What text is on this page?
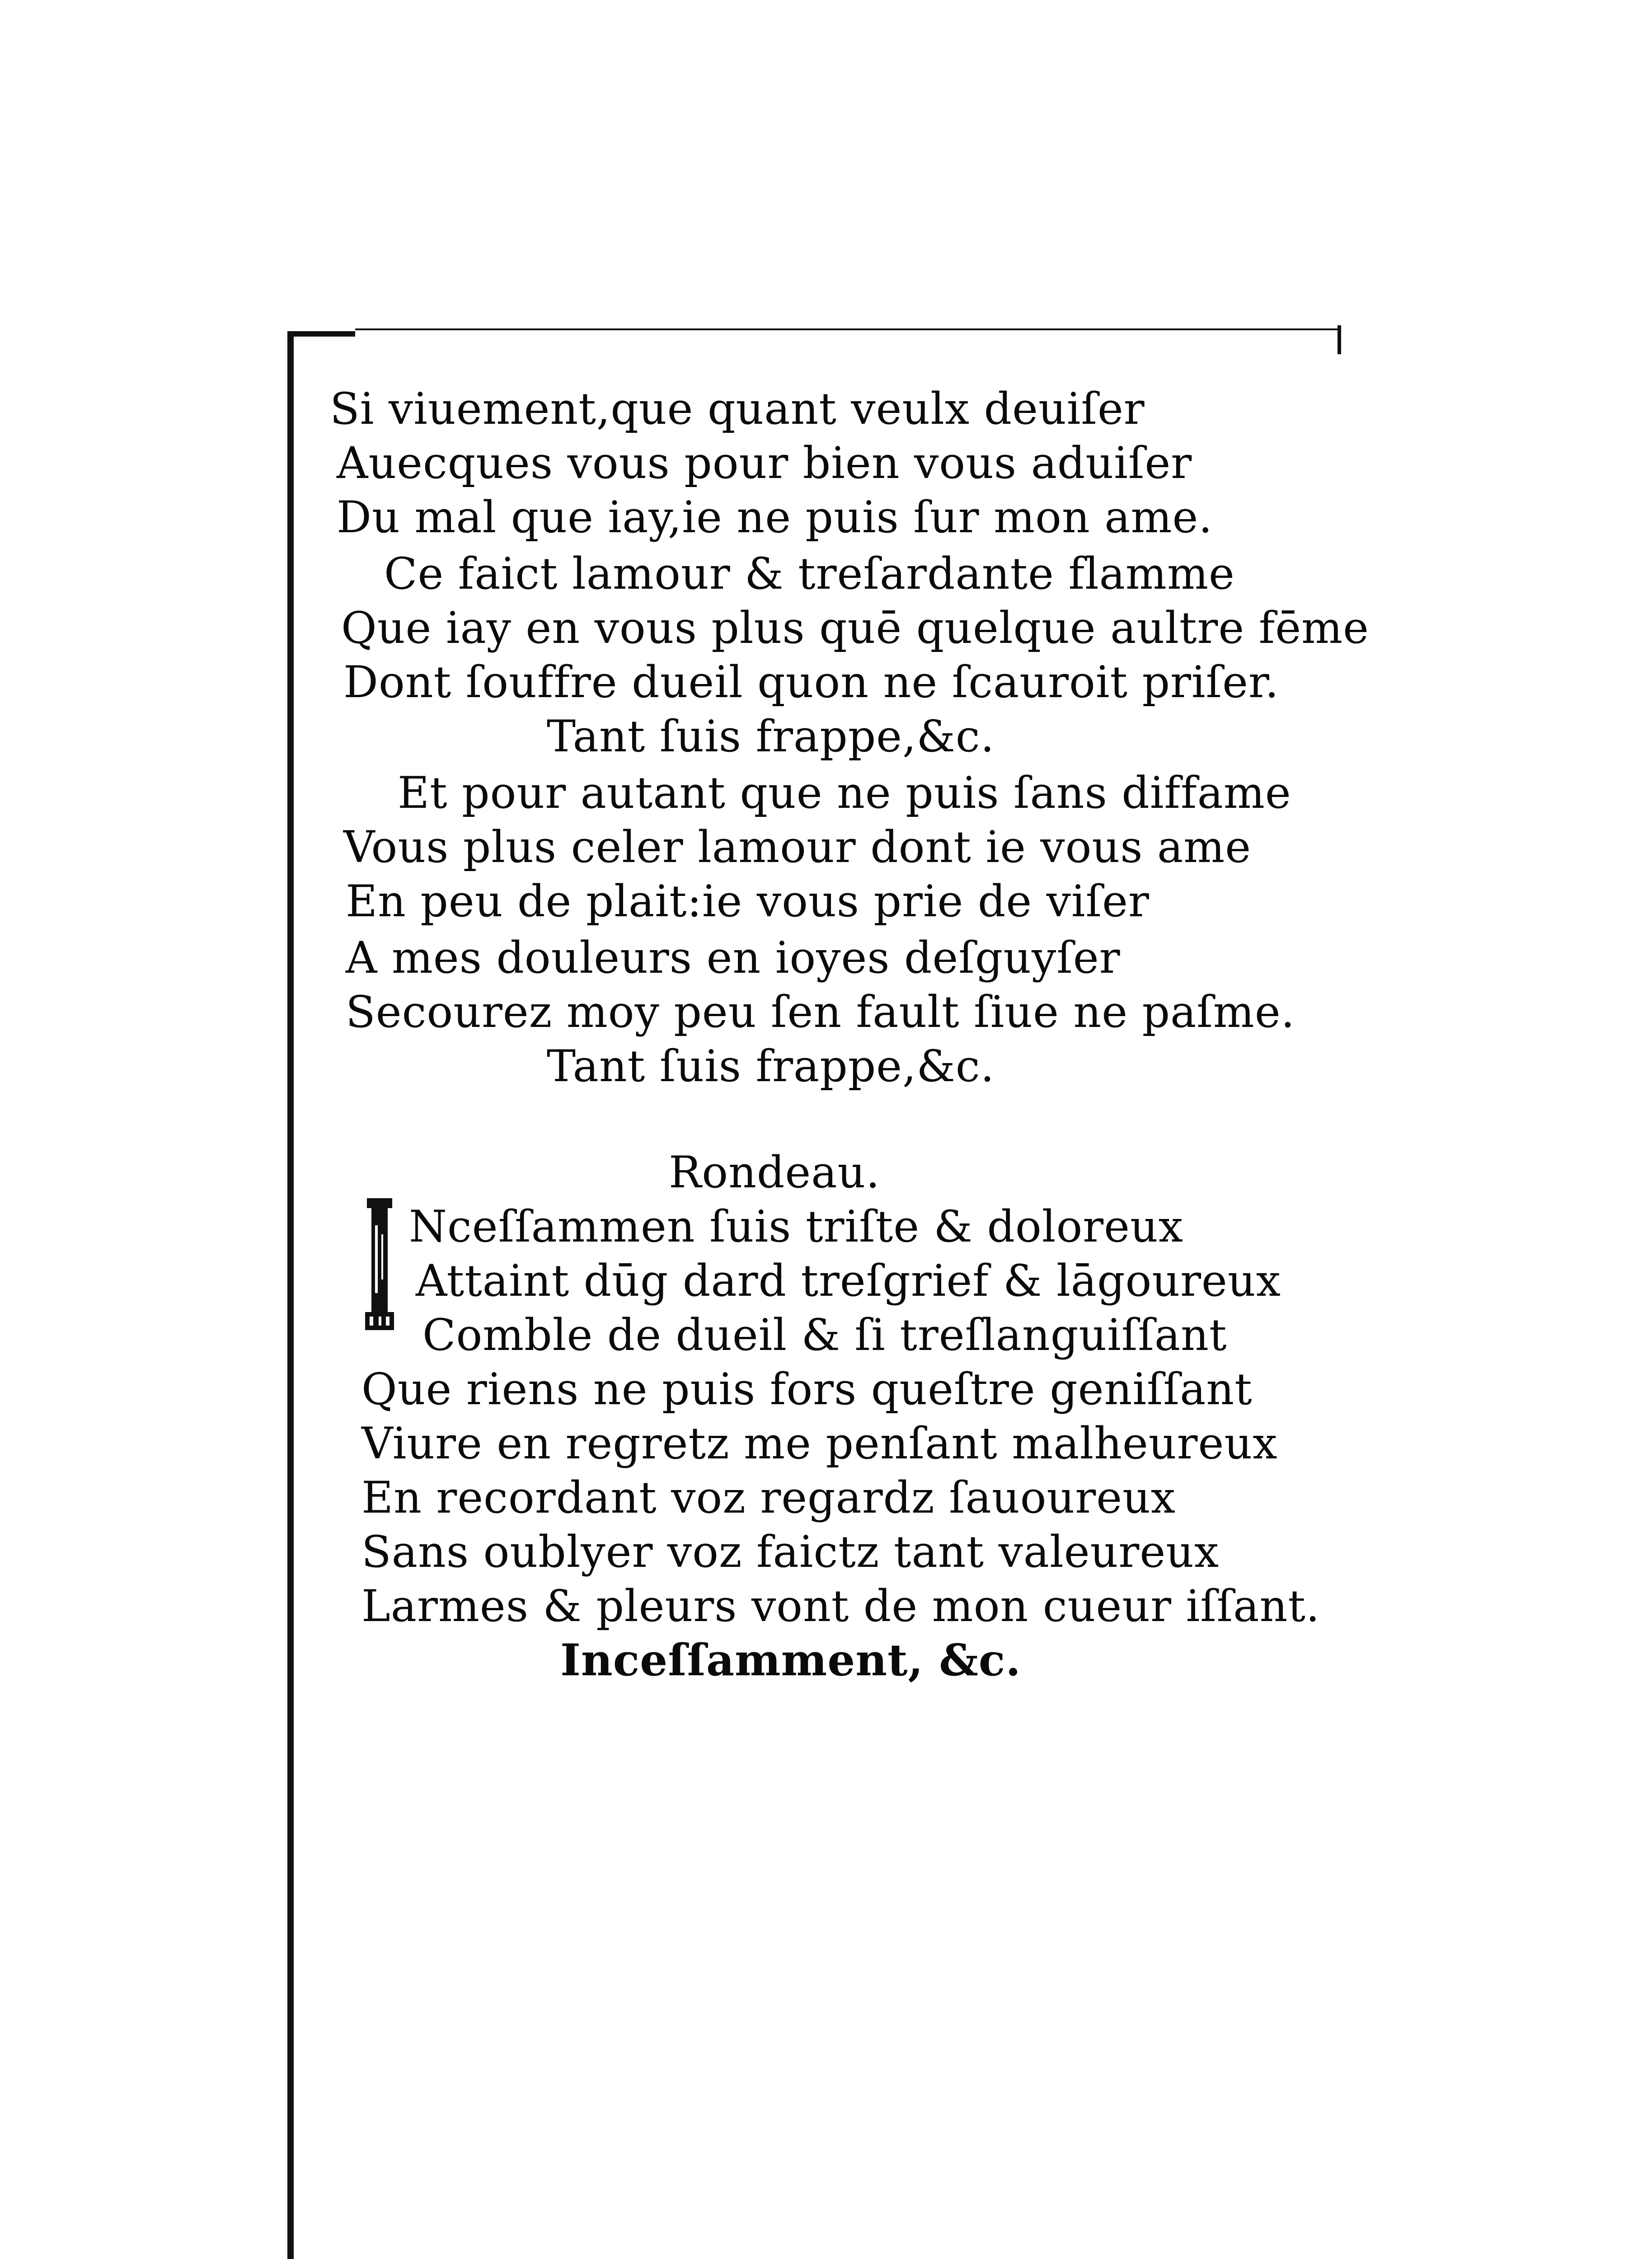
Si viuement,que quant veulx deuiſer
Auecques vous pour bien vous aduiſer
Du mal que iay,ie ne puis ſur mon ame.
Ce faict lamour & treſardante flamme
Que iay en vous plus quē quelque aultre fēme
Dont ſouffre dueil quon ne ſcauroit priſer.
Tant ſuis frappe,&c.
Et pour autant que ne puis ſans diffame
Vous plus celer lamour dont ie vous ame
En peu de plait:ie vous prie de viſer
A mes douleurs en ioyes deſguyſer
Secourez moy peu ſen fault ſiue ne paſme.
Tant ſuis frappe,&c.
Rondeau.
Nceſſammen ſuis triſte & doloreux
Attaint dūg dard treſgrief & lāgoureux
Comble de dueil & ſi treſlanguiſſant
Que riens ne puis fors queſtre geniſſant
Viure en regretz me penſant malheureux
En recordant voz regardz ſauoureux
Sans oublyer voz faictz tant valeureux
Larmes & pleurs vont de mon cueur iſſant.
Inceſſamment, &c.
